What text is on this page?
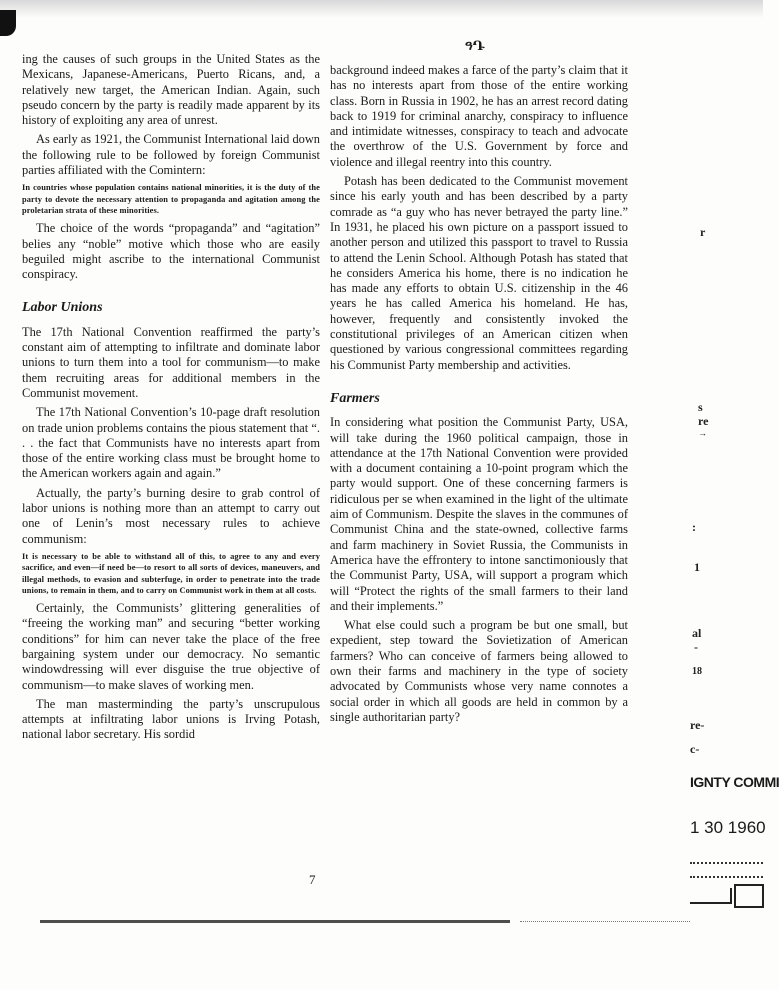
ዓԴ

ing the causes of such groups in the United States as the Mexicans, Japanese-Americans, Puerto Ricans, and, a relatively new target, the American Indian. Again, such pseudo concern by the party is readily made apparent by its history of exploiting any area of unrest.

As early as 1921, the Communist International laid down the following rule to be followed by foreign Communist parties affiliated with the Comintern:

In countries whose population contains national minorities, it is the duty of the party to devote the necessary attention to propaganda and agitation among the proletarian strata of these minorities.

The choice of the words “propaganda” and “agitation” belies any “noble” motive which those who are easily beguiled might ascribe to the international Communist conspiracy.

Labor Unions

The 17th National Convention reaffirmed the party’s constant aim of attempting to infiltrate and dominate labor unions to turn them into a tool for communism—to make them recruiting areas for additional members in the Communist movement.

The 17th National Convention’s 10-page draft resolution on trade union problems contains the pious statement that “. . . the fact that Communists have no interests apart from those of the entire working class must be brought home to the American workers again and again.”

Actually, the party’s burning desire to grab control of labor unions is nothing more than an attempt to carry out one of Lenin’s most necessary rules to achieve communism:

It is necessary to be able to withstand all of this, to agree to any and every sacrifice, and even—if need be—to resort to all sorts of devices, maneuvers, and illegal methods, to evasion and subterfuge, in order to penetrate into the trade unions, to remain in them, and to carry on Communist work in them at all costs.

Certainly, the Communists’ glittering generalities of “freeing the working man” and securing “better working conditions” for him can never take the place of the free bargaining system under our democracy. No semantic windowdressing will ever disguise the true objective of communism—to make slaves of working men.

The man masterminding the party’s unscrupulous attempts at infiltrating labor unions is Irving Potash, national labor secretary. His sordid

background indeed makes a farce of the party’s claim that it has no interests apart from those of the entire working class. Born in Russia in 1902, he has an arrest record dating back to 1919 for criminal anarchy, conspiracy to influence and intimidate witnesses, conspiracy to teach and advocate the overthrow of the U.S. Government by force and violence and illegal reentry into this country.

Potash has been dedicated to the Communist movement since his early youth and has been described by a party comrade as “a guy who has never betrayed the party line.” In 1931, he placed his own picture on a passport issued to another person and utilized this passport to travel to Russia to attend the Lenin School. Although Potash has stated that he considers America his home, there is no indication he has made any efforts to obtain U.S. citizenship in the 46 years he has called America his homeland. He has, however, frequently and consistently invoked the constitutional privileges of an American citizen when questioned by various congressional committees regarding his Communist Party membership and activities.

Farmers

In considering what position the Communist Party, USA, will take during the 1960 political campaign, those in attendance at the 17th National Convention were provided with a document containing a 10-point program which the party would support. One of these concerning farmers is ridiculous per se when examined in the light of the ultimate aim of Communism. Despite the slaves in the communes of Communist China and the state-owned, collective farms and farm machinery in Soviet Russia, the Communists in America have the effrontery to intone sanctimoniously that the Communist Party, USA, will support a program which will “Protect the rights of the small farmers to their land and their implements.”

What else could such a program be but one small, but expedient, step toward the Sovietization of American farmers? Who can conceive of farmers being allowed to own their farms and machinery in the type of society advocated by Communists whose very name connotes a social order in which all goods are held in common by a single authoritarian party?

7
r
s
re
→
:
1
al
-
18
re-
с-
IGNTY COMMI
1 30 1960
